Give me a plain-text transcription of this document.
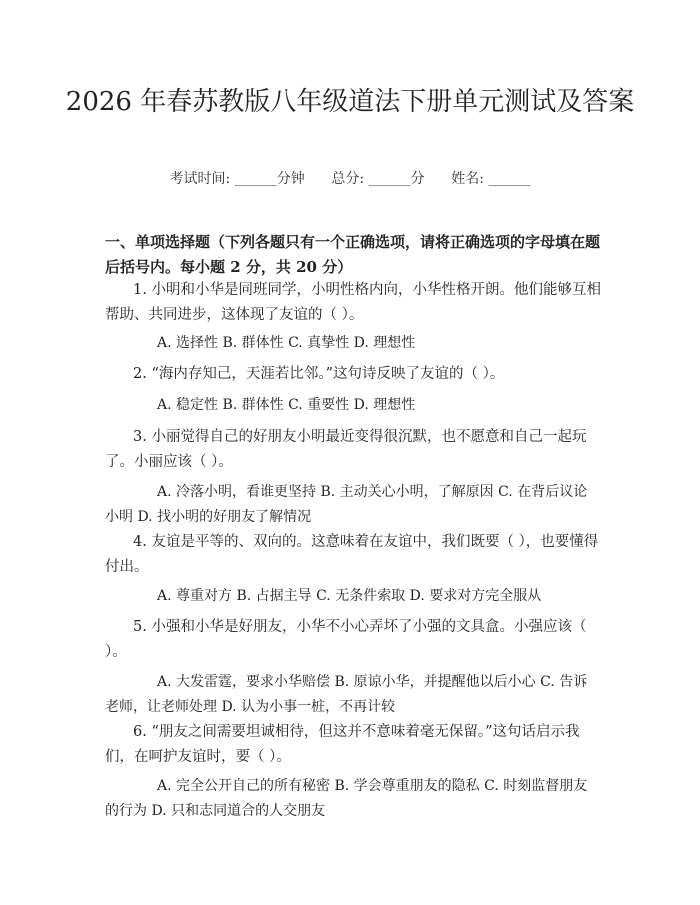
2026 年春苏教版八年级道法下册单元测试及答案
考试时间: ______分钟      总分: ______分      姓名: ______
一、单项选择题（下列各题只有一个正确选项，请将正确选项的字母填在题后括号内。每小题 2 分，共 20 分）
1. 小明和小华是同班同学，小明性格内向，小华性格开朗。他们能够互相帮助、共同进步，这体现了友谊的（ ）。
A. 选择性 B. 群体性 C. 真挚性 D. 理想性
2. “海内存知己，天涯若比邻。”这句诗反映了友谊的（ ）。
A. 稳定性 B. 群体性 C. 重要性 D. 理想性
3. 小丽觉得自己的好朋友小明最近变得很沉默，也不愿意和自己一起玩了。小丽应该（ ）。
A. 冷落小明，看谁更坚持 B. 主动关心小明，了解原因 C. 在背后议论小明 D. 找小明的好朋友了解情况
4. 友谊是平等的、双向的。这意味着在友谊中，我们既要（ ），也要懂得付出。
A. 尊重对方 B. 占据主导 C. 无条件索取 D. 要求对方完全服从
5. 小强和小华是好朋友，小华不小心弄坏了小强的文具盒。小强应该（ ）。
A. 大发雷霆，要求小华赔偿 B. 原谅小华，并提醒他以后小心 C. 告诉老师，让老师处理 D. 认为小事一桩，不再计较
6. “朋友之间需要坦诚相待，但这并不意味着毫无保留。”这句话启示我们，在呵护友谊时，要（ ）。
A. 完全公开自己的所有秘密 B. 学会尊重朋友的隐私 C. 时刻监督朋友的行为 D. 只和志同道合的人交朋友
